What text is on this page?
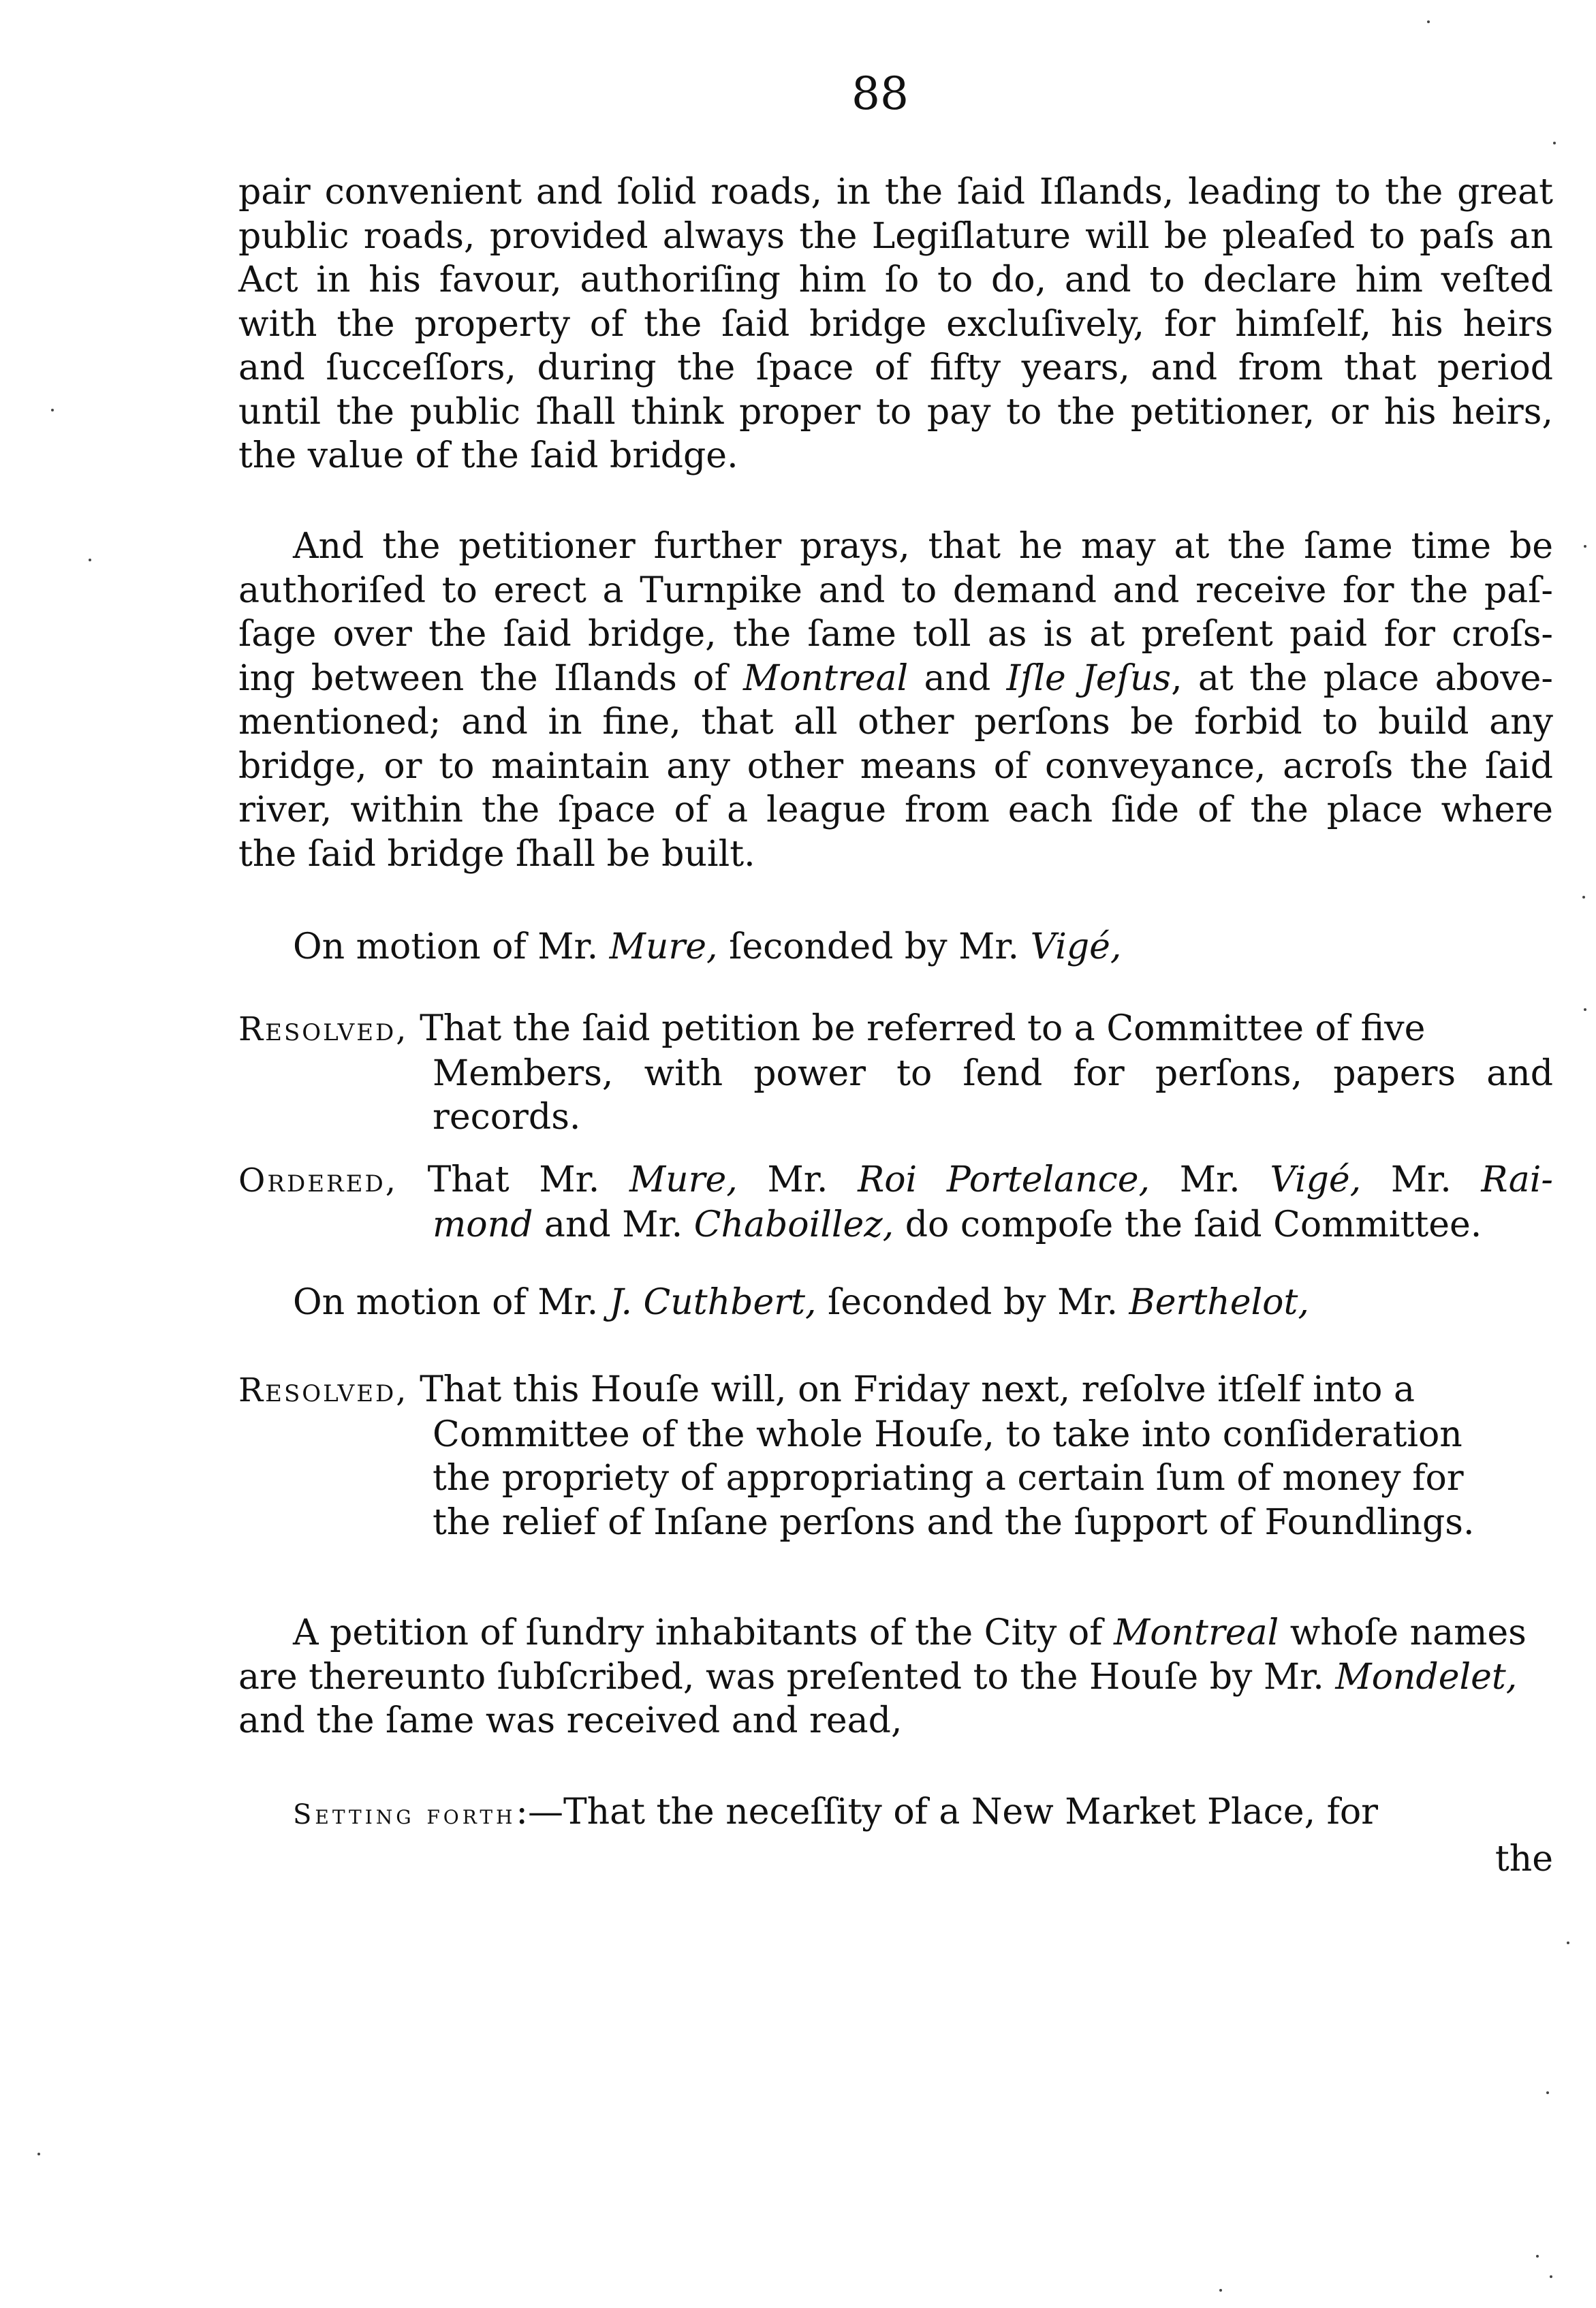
88
pair convenient and ſolid roads, in the ſaid Iſlands, leading to the great
public roads, provided always the Legiſlature will be pleaſed to paſs an
Act in his favour, authoriſing him ſo to do, and to declare him veſted
with the property of the ſaid bridge excluſively, for himſelf, his heirs
and ſucceſſors, during the ſpace of fifty years, and from that period
until the public ſhall think proper to pay to the petitioner, or his heirs,
the value of the ſaid bridge.
And the petitioner further prays, that he may at the ſame time be
authoriſed to erect a Turnpike and to demand and receive for the paſ-
ſage over the ſaid bridge, the ſame toll as is at preſent paid for croſs-
ing between the Iſlands of Montreal and Iſle Jeſus, at the place above-
mentioned; and in fine, that all other perſons be forbid to build any
bridge, or to maintain any other means of conveyance, acroſs the ſaid
river, within the ſpace of a league from each ſide of the place where
the ſaid bridge ſhall be built.
On motion of Mr. Mure, ſeconded by Mr. Vigé,
Resolved, That the ſaid petition be referred to a Committee of five
Members, with power to ſend for perſons, papers and records.
Ordered, That Mr. Mure, Mr. Roi Portelance, Mr. Vigé, Mr. Rai-
mond and Mr. Chaboillez, do compoſe the ſaid Committee.
On motion of Mr. J. Cuthbert, ſeconded by Mr. Berthelot,
Resolved, That this Houſe will, on Friday next, reſolve itſelf into a
Committee of the whole Houſe, to take into conſideration
the propriety of appropriating a certain ſum of money for
the relief of Inſane perſons and the ſupport of Foundlings.
A petition of ſundry inhabitants of the City of Montreal whoſe names
are thereunto ſubſcribed, was preſented to the Houſe by Mr. Mondelet,
and the ſame was received and read,
Setting forth:—That the neceſſity of a New Market Place, for
the
